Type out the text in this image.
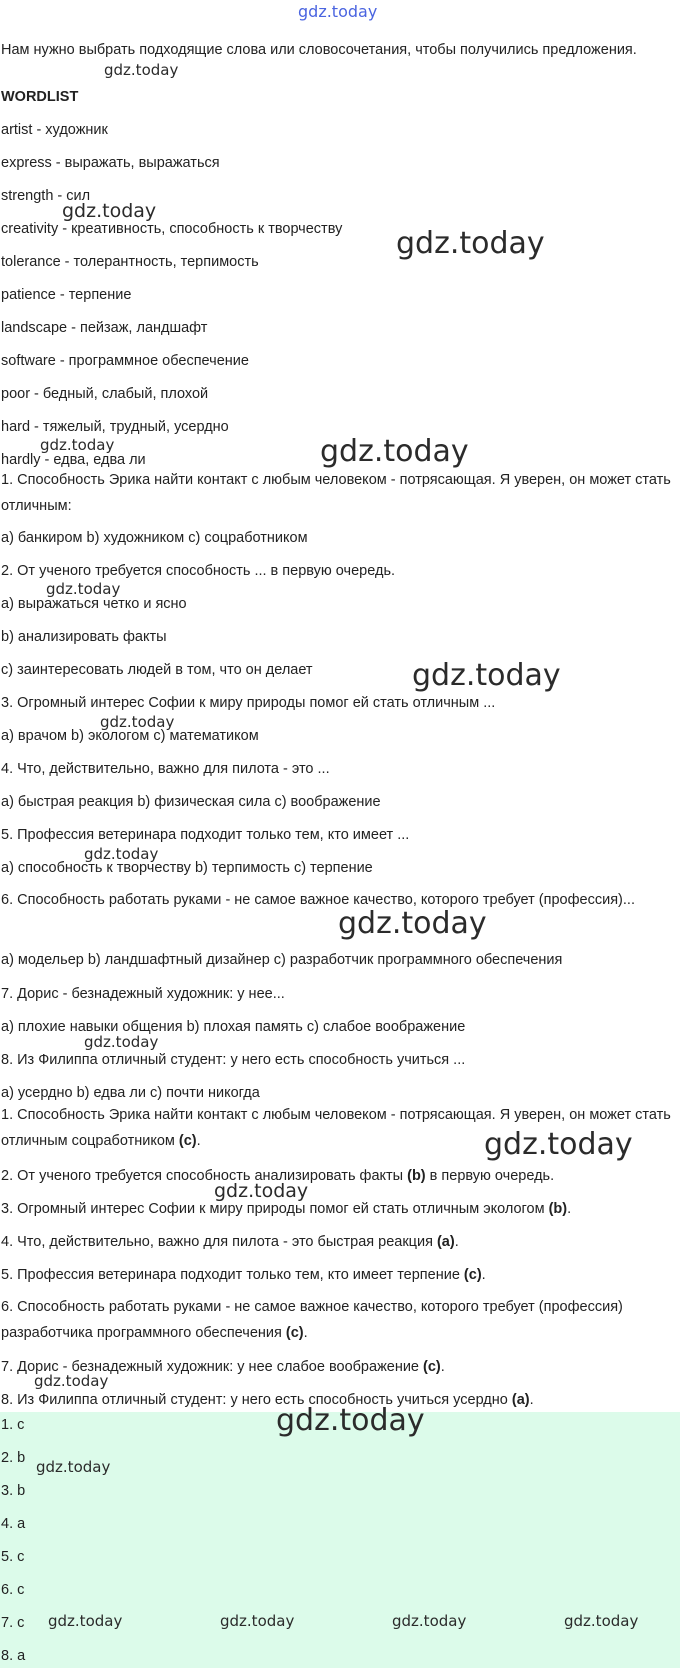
Нам нужно выбрать подходящие слова или словосочетания, чтобы получились предложения.

WORDLIST

artist - художник

express - выражать, выражаться

strength - сил

creativity - креативность, способность к творчеству

tolerance - толерантность, терпимость

patience - терпение

landscape - пейзаж, ландшафт

software - программное обеспечение

poor - бедный, слабый, плохой

hard - тяжелый, трудный, усердно

hardly - едва, едва ли

1. Способность Эрика найти контакт с любым человеком - потрясающая. Я уверен, он может стать отличным:

a) банкиром b) художником c) соцработником

2. От ученого требуется способность ... в первую очередь.

a) выражаться четко и ясно

b) анализировать факты

c) заинтересовать людей в том, что он делает

3. Огромный интерес Софии к миру природы помог ей стать отличным ...

a) врачом b) экологом c) математиком

4. Что, действительно, важно для пилота - это ...

a) быстрая реакция b) физическая сила c) воображение

5. Профессия ветеринара подходит только тем, кто имеет ...

a) способность к творчеству b) терпимость c) терпение

6. Способность работать руками - не самое важное качество, которого требует (профессия)...

a) модельер b) ландшафтный дизайнер c) разработчик программного обеспечения

7. Дорис - безнадежный художник: у нее...

a) плохие навыки общения b) плохая память c) слабое воображение

8. Из Филиппа отличный студент: у него есть способность учиться ...

a) усердно b) едва ли c) почти никогда

1. Способность Эрика найти контакт с любым человеком - потрясающая. Я уверен, он может стать отличным соцработником (c).

2. От ученого требуется способность анализировать факты (b) в первую очередь.

3. Огромный интерес Софии к миру природы помог ей стать отличным экологом (b).

4. Что, действительно, важно для пилота - это быстрая реакция (a).

5. Профессия ветеринара подходит только тем, кто имеет терпение (c).

6. Способность работать руками - не самое важное качество, которого требует (профессия) разработчика программного обеспечения (c).

7. Дорис - безнадежный художник: у нее слабое воображение (c).

8. Из Филиппа отличный студент: у него есть способность учиться усердно (a).

1. c

2. b

3. b

4. a

5. c

6. c

7. c

8. a

gdz.today
gdz.today
gdz.today
gdz.today
gdz.today	gdz.today
gdz.today
gdz.today
gdz.today
gdz.today
gdz.today
gdz.today
gdz.today
gdz.today
gdz.today
gdz.today
gdz.today
gdz.today	gdz.today	gdz.today	gdz.today
